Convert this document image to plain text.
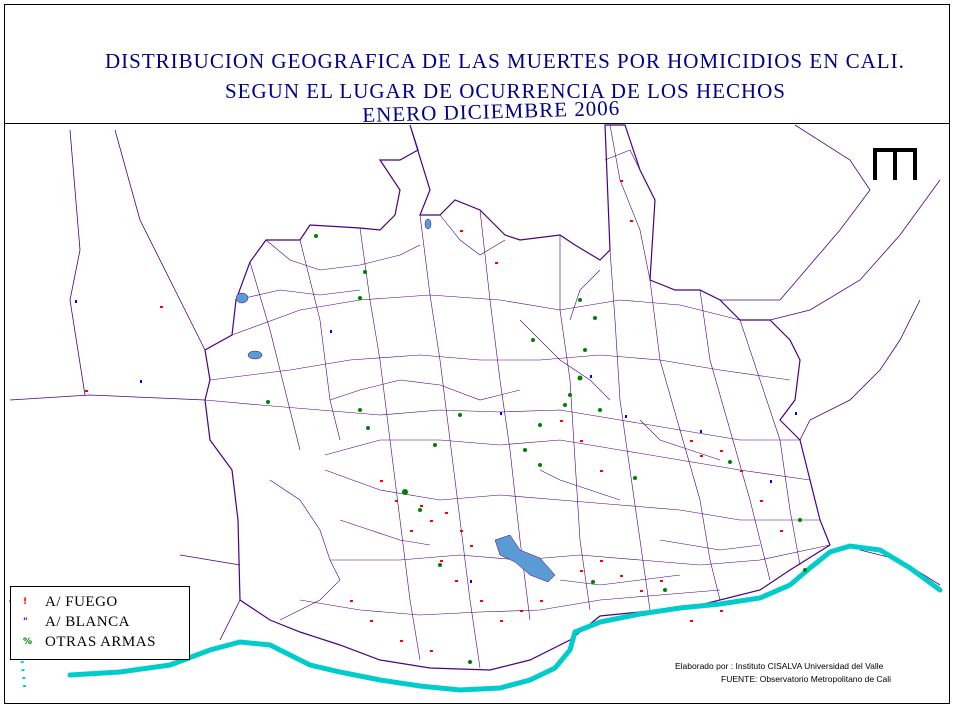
DISTRIBUCION GEOGRAFICA DE LAS MUERTES POR HOMICIDIOS EN CALI.
SEGUN EL LUGAR DE OCURRENCIA DE LOS HECHOS
ENERO DICIEMBRE 2006
!	A/ FUEGO
"	A/ BLANCA
% OTRAS ARMAS
Elaborado por : Instituto CISALVA Universidad del Valle
FUENTE: Observatorio Metropolitano de Cali
